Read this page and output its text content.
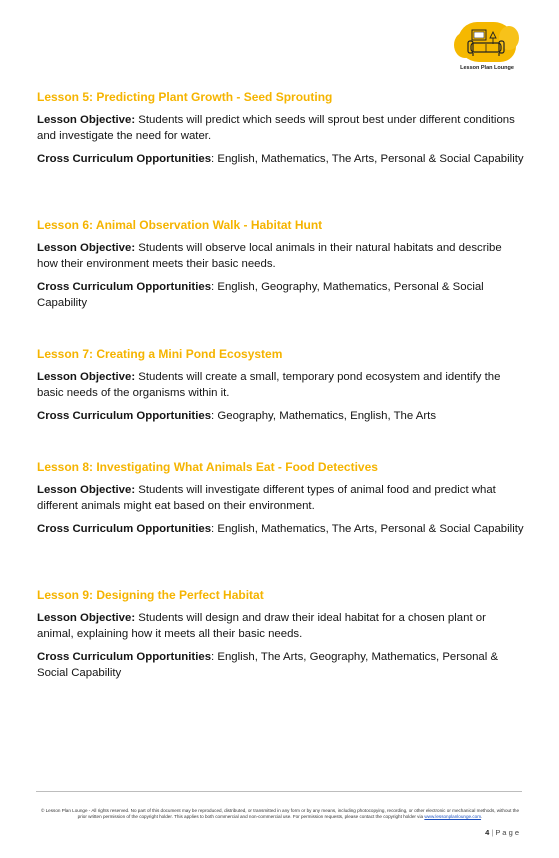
Lesson Plan Lounge
Lesson 5: Predicting Plant Growth - Seed Sprouting
Lesson Objective: Students will predict which seeds will sprout best under different conditions and investigate the need for water.
Cross Curriculum Opportunities: English, Mathematics, The Arts, Personal & Social Capability
Lesson 6: Animal Observation Walk - Habitat Hunt
Lesson Objective: Students will observe local animals in their natural habitats and describe how their environment meets their basic needs.
Cross Curriculum Opportunities: English, Geography, Mathematics, Personal & Social Capability
Lesson 7: Creating a Mini Pond Ecosystem
Lesson Objective: Students will create a small, temporary pond ecosystem and identify the basic needs of the organisms within it.
Cross Curriculum Opportunities: Geography, Mathematics, English, The Arts
Lesson 8: Investigating What Animals Eat - Food Detectives
Lesson Objective: Students will investigate different types of animal food and predict what different animals might eat based on their environment.
Cross Curriculum Opportunities: English, Mathematics, The Arts, Personal & Social Capability
Lesson 9: Designing the Perfect Habitat
Lesson Objective: Students will design and draw their ideal habitat for a chosen plant or animal, explaining how it meets all their basic needs.
Cross Curriculum Opportunities: English, The Arts, Geography, Mathematics, Personal & Social Capability
© Lesson Plan Lounge - All rights reserved. No part of this document may be reproduced, distributed, or transmitted in any form or by any means, including photocopying, recording, or other electronic or mechanical methods, without the prior written permission of the copyright holder. This applies to both commercial and non-commercial use. For permission requests, please contact the copyright holder via www.lessonplanlounge.com.
4 | P a g e
